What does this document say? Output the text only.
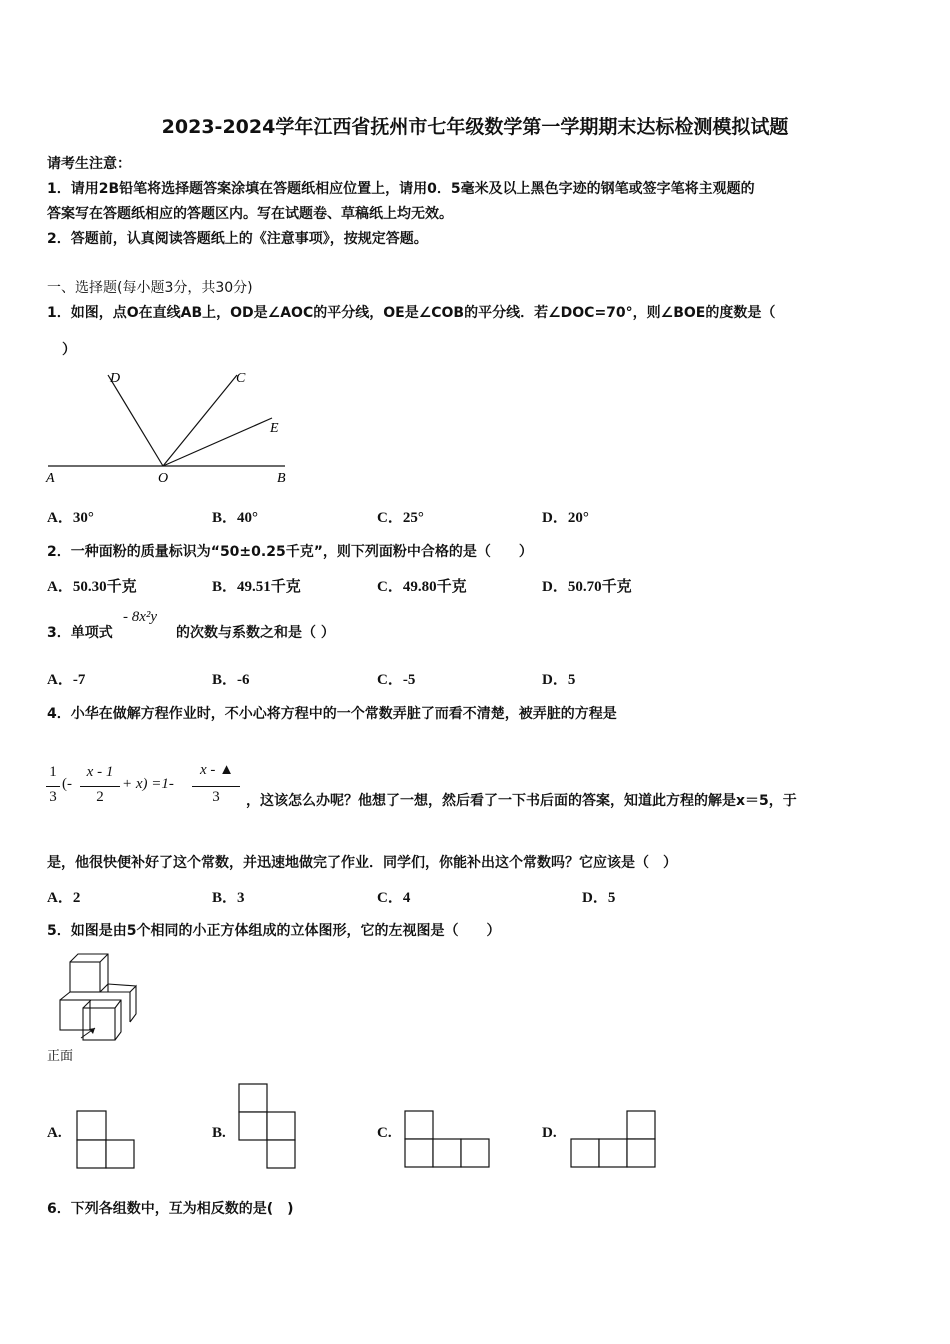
2023-2024学年江西省抚州市七年级数学第一学期期末达标检测模拟试题
请考生注意：
1．请用2B铅笔将选择题答案涂填在答题纸相应位置上，请用0．5毫米及以上黑色字迹的钢笔或签字笔将主观题的
答案写在答题纸相应的答题区内。写在试题卷、草稿纸上均无效。
2．答题前，认真阅读答题纸上的《注意事项》，按规定答题。
一、选择题(每小题3分，共30分)
1．如图，点O在直线AB上，OD是∠AOC的平分线，OE是∠COB的平分线．若∠DOC=70°，则∠BOE的度数是（
）
A	O	B
D	C
E
A．30°	B．40°	C．25°	D．20°
2．一种面粉的质量标识为“50±0.25千克”，则下列面粉中合格的是（　　）
A．50.30千克	B．49.51千克	C．49.80千克	D．50.70千克
3．单项式
- 8x²y
的次数与系数之和是（ ）
A．-7	B．-6	C．-5	D．5
4．小华在做解方程作业时，不小心将方程中的一个常数弄脏了而看不清楚，被弄脏的方程是
1
3
(-
x - 1
2
+ x) =1-
x - ▲
3	，这该怎么办呢？他想了一想，然后看了一下书后面的答案，知道此方程的解是x＝5，于
是，他很快便补好了这个常数，并迅速地做完了作业．同学们，你能补出这个常数吗？它应该是（　）
A．2	B．3	C．4	D．5
5．如图是由5个相同的小正方体组成的立体图形，它的左视图是（　　）
正面
A.	B.	C.	D.
6．下列各组数中，互为相反数的是(　)
